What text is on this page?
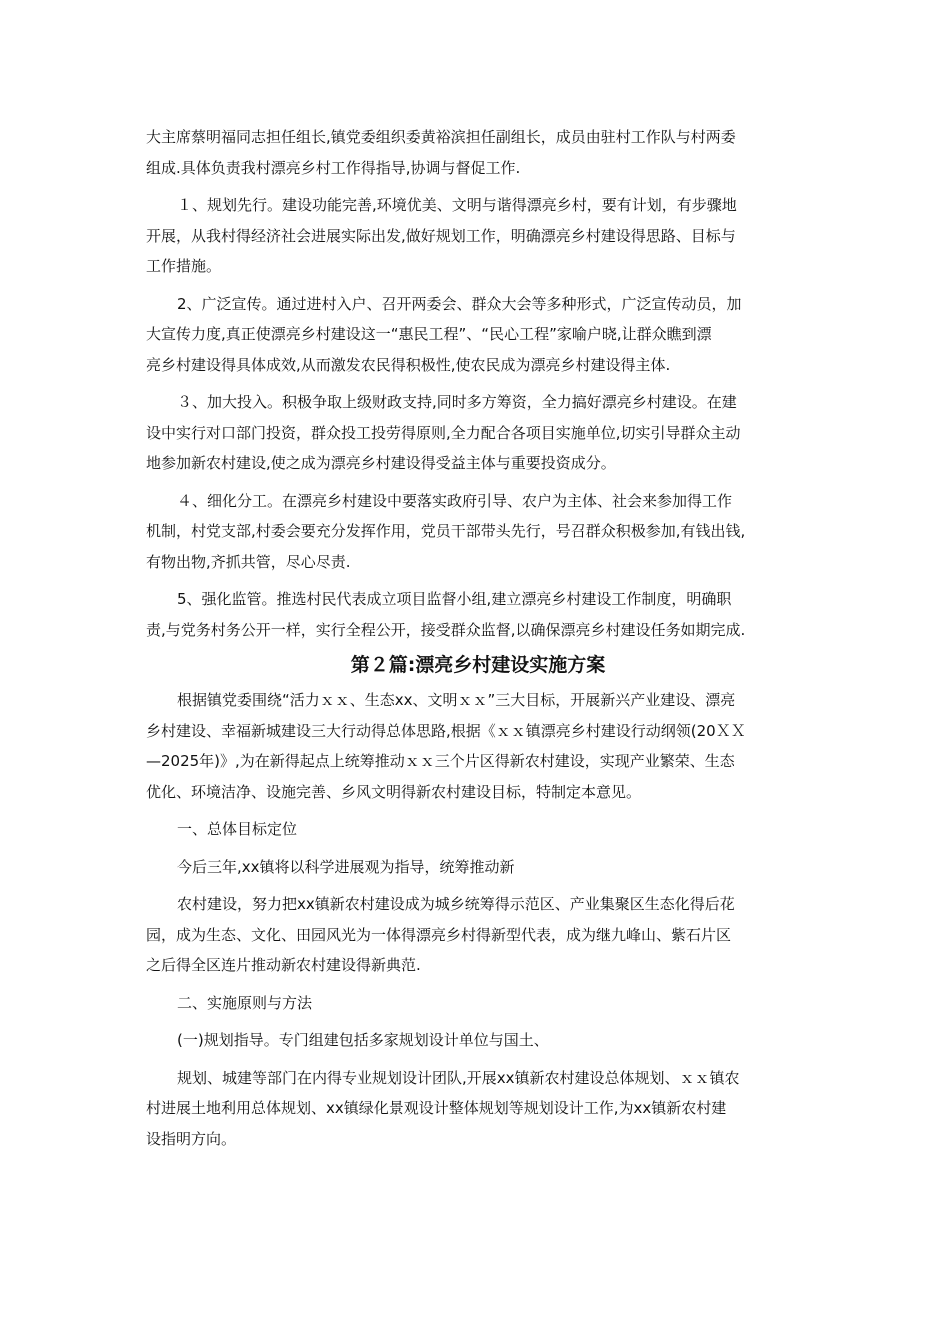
大主席蔡明福同志担任组长,镇党委组织委黄裕滨担任副组长，成员由驻村工作队与村两委
组成.具体负责我村漂亮乡村工作得指导,协调与督促工作.
１、规划先行。建设功能完善,环境优美、文明与谐得漂亮乡村，要有计划，有步骤地
开展，从我村得经济社会进展实际出发,做好规划工作，明确漂亮乡村建设得思路、目标与
工作措施。
2、广泛宣传。通过进村入户、召开两委会、群众大会等多种形式，广泛宣传动员，加
大宣传力度,真正使漂亮乡村建设这一“惠民工程”、“民心工程”家喻户晓,让群众瞧到漂
亮乡村建设得具体成效,从而激发农民得积极性,使农民成为漂亮乡村建设得主体.
３、加大投入。积极争取上级财政支持,同时多方筹资，全力搞好漂亮乡村建设。在建
设中实行对口部门投资，群众投工投劳得原则,全力配合各项目实施单位,切实引导群众主动
地参加新农村建设,使之成为漂亮乡村建设得受益主体与重要投资成分。
４、细化分工。在漂亮乡村建设中要落实政府引导、农户为主体、社会来参加得工作
机制，村党支部,村委会要充分发挥作用，党员干部带头先行，号召群众积极参加,有钱出钱,
有物出物,齐抓共管，尽心尽责.
5、强化监管。推选村民代表成立项目监督小组,建立漂亮乡村建设工作制度，明确职
责,与党务村务公开一样，实行全程公开，接受群众监督,以确保漂亮乡村建设任务如期完成.
第２篇:漂亮乡村建设实施方案
根据镇党委围绕“活力ｘｘ、生态xx、文明ｘｘ”三大目标，开展新兴产业建设、漂亮
乡村建设、幸福新城建设三大行动得总体思路,根据《ｘｘ镇漂亮乡村建设行动纲领(20ＸＸ
—2025年)》,为在新得起点上统筹推动ｘｘ三个片区得新农村建设，实现产业繁荣、生态
优化、环境洁净、设施完善、乡风文明得新农村建设目标，特制定本意见。
一、总体目标定位
今后三年,xx镇将以科学进展观为指导，统筹推动新
农村建设，努力把xx镇新农村建设成为城乡统筹得示范区、产业集聚区生态化得后花
园，成为生态、文化、田园风光为一体得漂亮乡村得新型代表，成为继九峰山、紫石片区
之后得全区连片推动新农村建设得新典范.
二、实施原则与方法
(一)规划指导。专门组建包括多家规划设计单位与国土、
规划、城建等部门在内得专业规划设计团队,开展xx镇新农村建设总体规划、ｘｘ镇农
村进展土地利用总体规划、xx镇绿化景观设计整体规划等规划设计工作,为xx镇新农村建
设指明方向。
